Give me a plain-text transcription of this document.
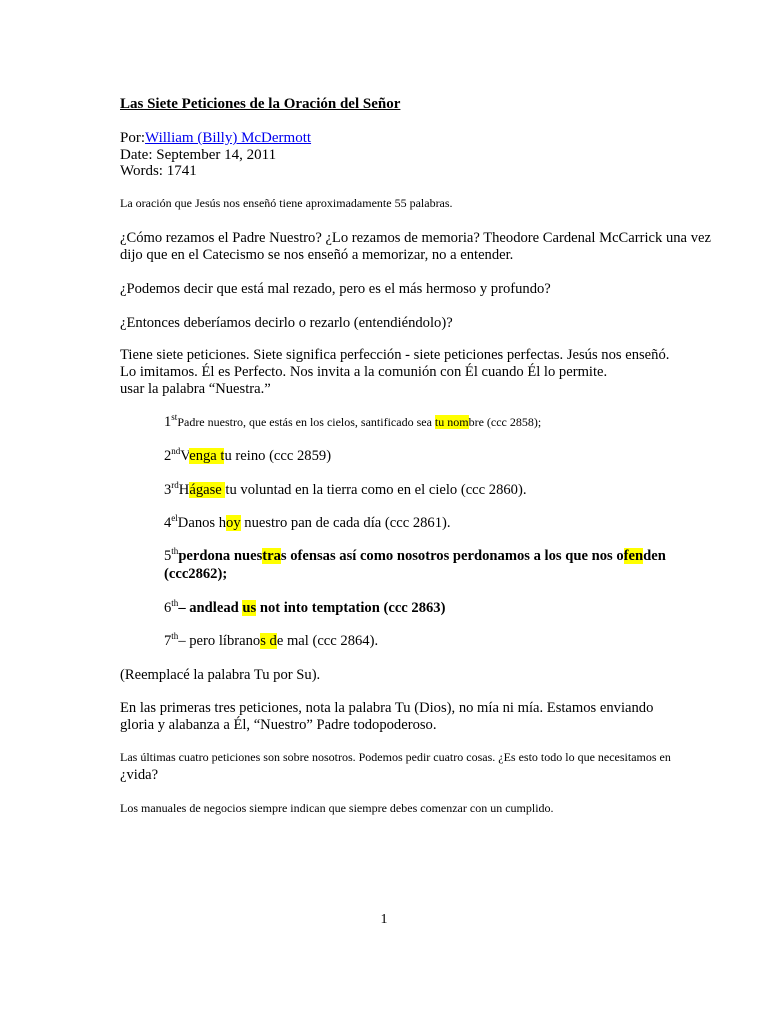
Las Siete Peticiones de la Oración del Señor

Por:William (Billy) McDermott
Date: September 14, 2011
Words: 1741
La oración que Jesús nos enseñó tiene aproximadamente 55 palabras.
¿Cómo rezamos el Padre Nuestro? ¿Lo rezamos de memoria? Theodore Cardenal McCarrick una vez
dijo que en el Catecismo se nos enseñó a memorizar, no a entender.
¿Podemos decir que está mal rezado, pero es el más hermoso y profundo?
¿Entonces deberíamos decirlo o rezarlo (entendiéndolo)?
Tiene siete peticiones. Siete significa perfección - siete peticiones perfectas. Jesús nos enseñó.
Lo imitamos. Él es Perfecto. Nos invita a la comunión con Él cuando Él lo permite.
usar la palabra “Nuestra.”
1stPadre nuestro, que estás en los cielos, santificado sea tu nombre (ccc 2858);
2ndVenga tu reino (ccc 2859)
3rdHágase tu voluntad en la tierra como en el cielo (ccc 2860).
$4^{el}Danos$ hoy nuestro pan de cada día (ccc 2861).
5thperdona nuestras ofensas así como nosotros perdonamos a los que nos ofenden
(ccc2862);
6th– andlead us not into temptation (ccc 2863)
7th– pero líbranos de mal (ccc 2864).
(Reemplacé la palabra Tu por Su).
En las primeras tres peticiones, nota la palabra Tu (Dios), no mía ni mía. Estamos enviando
gloria y alabanza a Él, “Nuestro” Padre todopoderoso.
Las últimas cuatro peticiones son sobre nosotros. Podemos pedir cuatro cosas. ¿Es esto todo lo que necesitamos en
¿vida?
Los manuales de negocios siempre indican que siempre debes comenzar con un cumplido.
1
